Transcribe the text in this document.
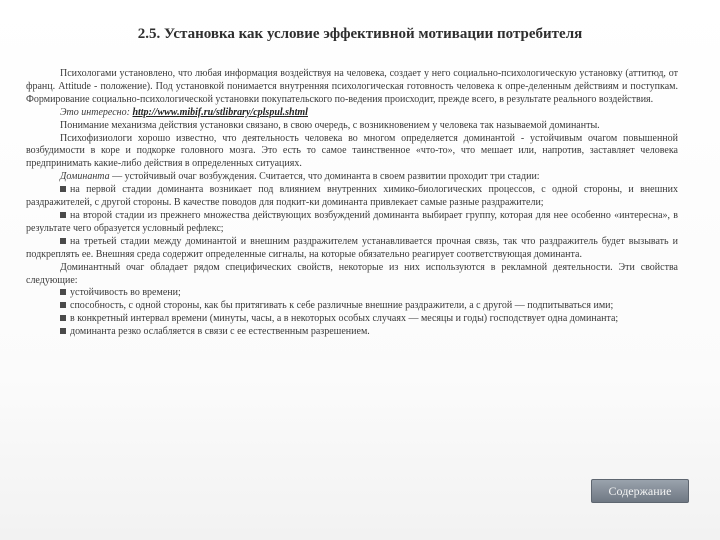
2.5. Установка как условие эффективной мотивации потребителя

Психологами установлено, что любая информация воздействуя на человека, создает у него социально-психологическую установку (аттитюд, от франц. Attitude - положение). Под установкой понимается внутренняя психологическая готовность человека к опре-деленным действиям и поступкам. Формирование социально-психологической установки покупательского по-ведения происходит, прежде всего, в результате реального воздействия.

Это интересно: http://www.mibif.ru/stlibrary/cplspul.shtml

Понимание механизма действия установки связано, в свою очередь, с возникновением у человека так называемой доминанты.

Психофизиологи хорошо известно, что деятельность человека во многом определяется доминантой - устойчивым очагом повышенной возбудимости в коре и подкорке головного мозга. Это есть то самое таинственное «что-то», что мешает или, напротив, заставляет человека предпринимать какие-либо действия в определенных ситуациях.

Доминанта — устойчивый очаг возбуждения. Считается, что доминанта в своем развитии проходит три стадии:

на первой стадии доминанта возникает под влиянием внутренних химико-биологических процессов, с одной стороны, и внешних раздражителей, с другой стороны. В качестве поводов для подкит-ки доминанта привлекает самые разные раздражители;

на второй стадии из прежнего множества действующих возбуждений доминанта выбирает группу, которая для нее особенно «интересна», в результате чего образуется условный рефлекс;

на третьей стадии между доминантой и внешним раздражителем устанавливается прочная связь, так что раздражитель будет вызывать и подкреплять ее. Внешняя среда содержит определенные сигналы, на которые обязательно реагирует соответствующая доминанта.

Доминантный очаг обладает рядом специфических свойств, некоторые из них используются в рекламной деятельности. Эти свойства следующие:

устойчивость во времени;

способность, с одной стороны, как бы притягивать к себе различные внешние раздражители, а с другой — подпитываться ими;

в конкретный интервал времени (минуты, часы, а в некоторых особых случаях — месяцы и годы) господствует одна доминанта;

доминанта резко ослабляется в связи с ее естественным разрешением.

Содержание
